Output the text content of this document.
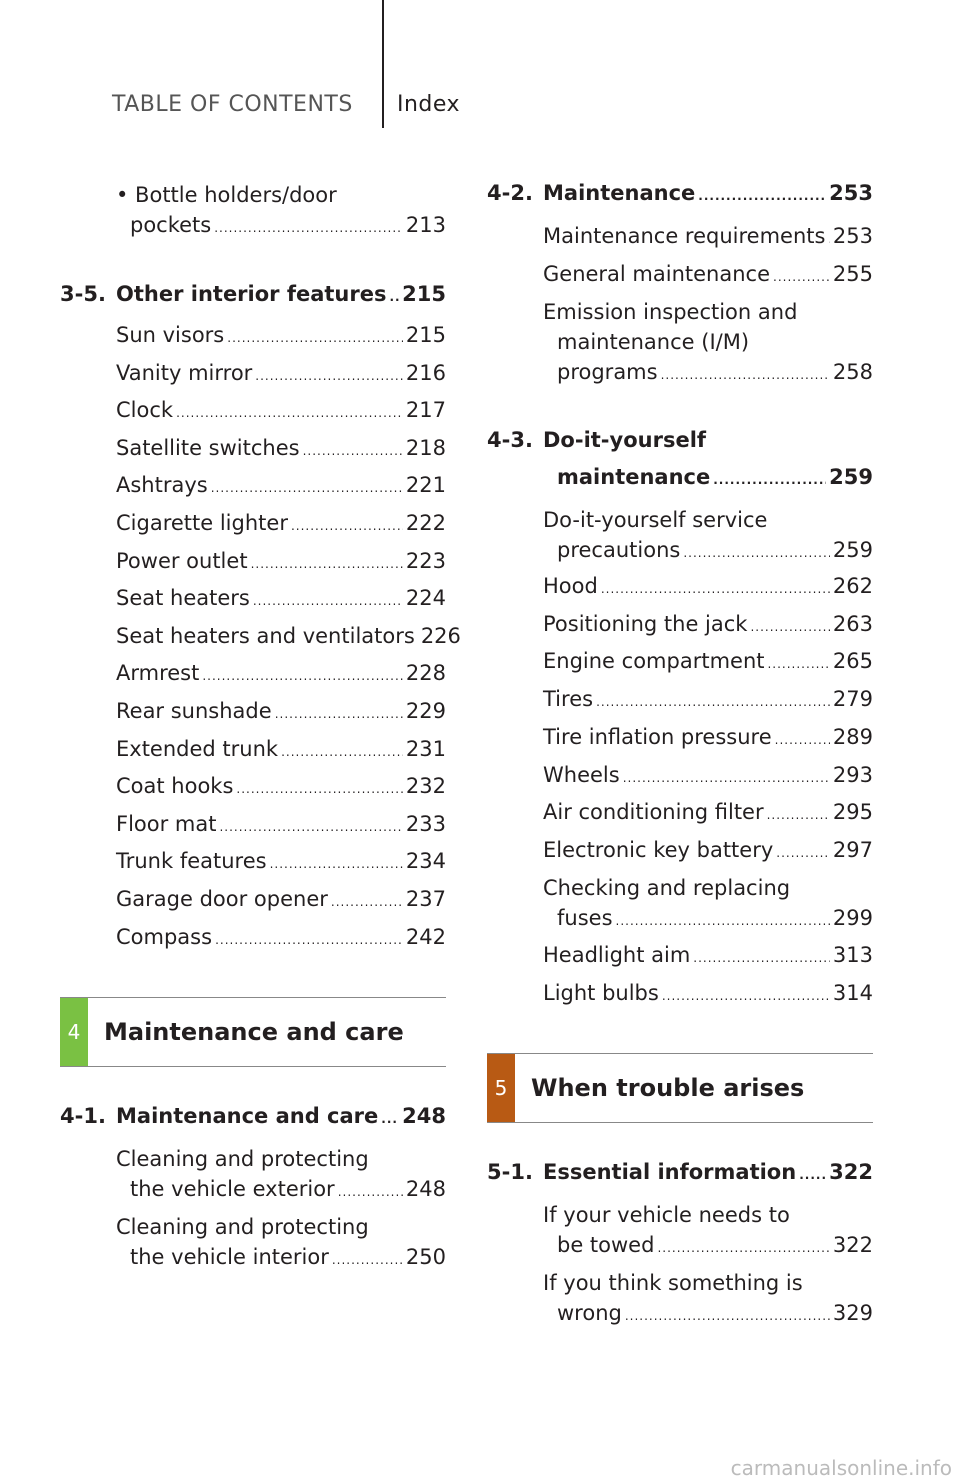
TABLE OF CONTENTS Index
• Bottle holders/door
pockets .....	213
3-5. Other interior features ..... 215
Sun visors .....	215
Vanity mirror .....	216
Clock .....	217
Satellite switches .....	218
Ashtrays .....	221
Cigarette lighter .....	222
Power outlet .....	223
Seat heaters .....	224
Seat heaters and ventilators 226
Armrest .....	228
Rear sunshade .....	229
Extended trunk .....	231
Coat hooks .....	232
Floor mat .....	233
Trunk features .....	234
Garage door opener .....	237
Compass .....	242
4 Maintenance and care
4-1. Maintenance and care ..... 248
Cleaning and protecting
the vehicle exterior .....	248
Cleaning and protecting
the vehicle interior .....	250
4-2. Maintenance .....	253
Maintenance requirements ..... 253
General maintenance .....	255
Emission inspection and
maintenance (I/M)
programs .....	258
4-3. Do-it-yourself
maintenance .....	259
Do-it-yourself service
precautions .....	259
Hood .....	262
Positioning the jack .....	263
Engine compartment .....	265
Tires .....	279
Tire inflation pressure .....	289
Wheels .....	293
Air conditioning filter .....	295
Electronic key battery .....	297
Checking and replacing
fuses .....	299
Headlight aim .....	313
Light bulbs .....	314
5 When trouble arises
5-1. Essential information ..... 322
If your vehicle needs to
be towed .....	322
If you think something is
wrong .....	329
carmanualsonline.info
